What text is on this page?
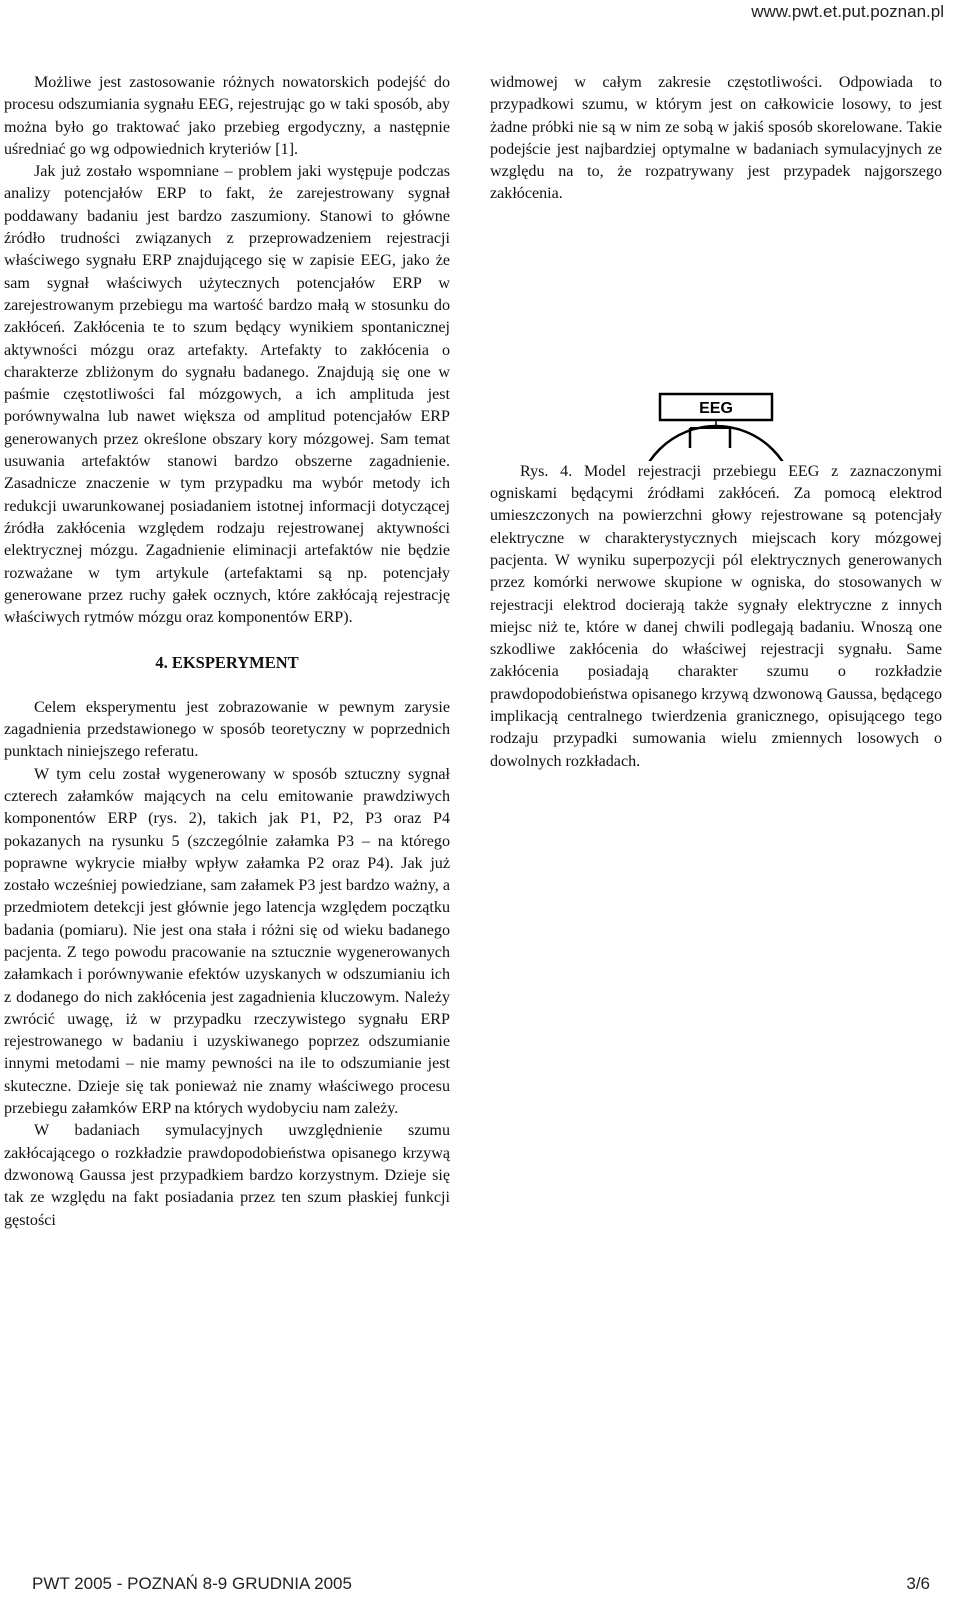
www.pwt.et.put.poznan.pl

Możliwe jest zastosowanie różnych nowatorskich podejść do procesu odszumiania sygnału EEG, rejestrując go w taki sposób, aby można było go traktować jako przebieg ergodyczny, a następnie uśredniać go wg odpowiednich kryteriów [1].

Jak już zostało wspomniane – problem jaki występuje podczas analizy potencjałów ERP to fakt, że zarejestrowany sygnał poddawany badaniu jest bardzo zaszumiony. Stanowi to główne źródło trudności związanych z przeprowadzeniem rejestracji właściwego sygnału ERP znajdującego się w zapisie EEG, jako że sam sygnał właściwych użytecznych potencjałów ERP w zarejestrowanym przebiegu ma wartość bardzo małą w stosunku do zakłóceń. Zakłócenia te to szum będący wynikiem spontanicznej aktywności mózgu oraz artefakty. Artefakty to zakłócenia o charakterze zbliżonym do sygnału badanego. Znajdują się one w paśmie częstotliwości fal mózgowych, a ich amplituda jest porównywalna lub nawet większa od amplitud potencjałów ERP generowanych przez określone obszary kory mózgowej. Sam temat usuwania artefaktów stanowi bardzo obszerne zagadnienie. Zasadnicze znaczenie w tym przypadku ma wybór metody ich redukcji uwarunkowanej posiadaniem istotnej informacji dotyczącej źródła zakłócenia względem rodzaju rejestrowanej aktywności elektrycznej mózgu. Zagadnienie eliminacji artefaktów nie będzie rozważane w tym artykule (artefaktami są np. potencjały generowane przez ruchy gałek ocznych, które zakłócają rejestrację właściwych rytmów mózgu oraz komponentów ERP).

4. EKSPERYMENT

Celem eksperymentu jest zobrazowanie w pewnym zarysie zagadnienia przedstawionego w sposób teoretyczny w poprzednich punktach niniejszego referatu.

W tym celu został wygenerowany w sposób sztuczny sygnał czterech załamków mających na celu emitowanie prawdziwych komponentów ERP (rys. 2), takich jak P1, P2, P3 oraz P4 pokazanych na rysunku 5 (szczególnie załamka P3 – na którego poprawne wykrycie miałby wpływ załamka P2 oraz P4). Jak już zostało wcześniej powiedziane, sam załamek P3 jest bardzo ważny, a przedmiotem detekcji jest głównie jego latencja względem początku badania (pomiaru). Nie jest ona stała i różni się od wieku badanego pacjenta. Z tego powodu pracowanie na sztucznie wygenerowanych załamkach i porównywanie efektów uzyskanych w odszumianiu ich z dodanego do nich zakłócenia jest zagadnienia kluczowym. Należy zwrócić uwagę, iż w przypadku rzeczywistego sygnału ERP rejestrowanego w badaniu i uzyskiwanego poprzez odszumianie innymi metodami – nie mamy pewności na ile to odszumianie jest skuteczne. Dzieje się tak ponieważ nie znamy właściwego procesu przebiegu załamków ERP na których wydobyciu nam zależy.

W badaniach symulacyjnych uwzględnienie szumu zakłócającego o rozkładzie prawdopodobieństwa opisanego krzywą dzwonową Gaussa jest przypadkiem bardzo korzystnym. Dzieje się tak ze względu na fakt posiadania przez ten szum płaskiej funkcji gęstości

widmowej w całym zakresie częstotliwości. Odpowiada to przypadkowi szumu, w którym jest on całkowicie losowy, to jest żadne próbki nie są w nim ze sobą w jakiś sposób skorelowane. Takie podejście jest najbardziej optymalne w badaniach symulacyjnych ze względu na to, że rozpatrywany jest przypadek najgorszego zakłócenia.

EEG

Rys. 4. Model rejestracji przebiegu EEG z zaznaczonymi ogniskami będącymi źródłami zakłóceń. Za pomocą elektrod umieszczonych na powierzchni głowy rejestrowane są potencjały elektryczne w charakterystycznych miejscach kory mózgowej pacjenta. W wyniku superpozycji pól elektrycznych generowanych przez komórki nerwowe skupione w ogniska, do stosowanych w rejestracji elektrod docierają także sygnały elektryczne z innych miejsc niż te, które w danej chwili podlegają badaniu. Wnoszą one szkodliwe zakłócenia do właściwej rejestracji sygnału. Same zakłócenia posiadają charakter szumu o rozkładzie prawdopodobieństwa opisanego krzywą dzwonową Gaussa, będącego implikacją centralnego twierdzenia granicznego, opisującego tego rodzaju przypadki sumowania wielu zmiennych losowych o dowolnych rozkładach.

PWT 2005 - POZNAŃ 8-9 GRUDNIA 2005	3/6
